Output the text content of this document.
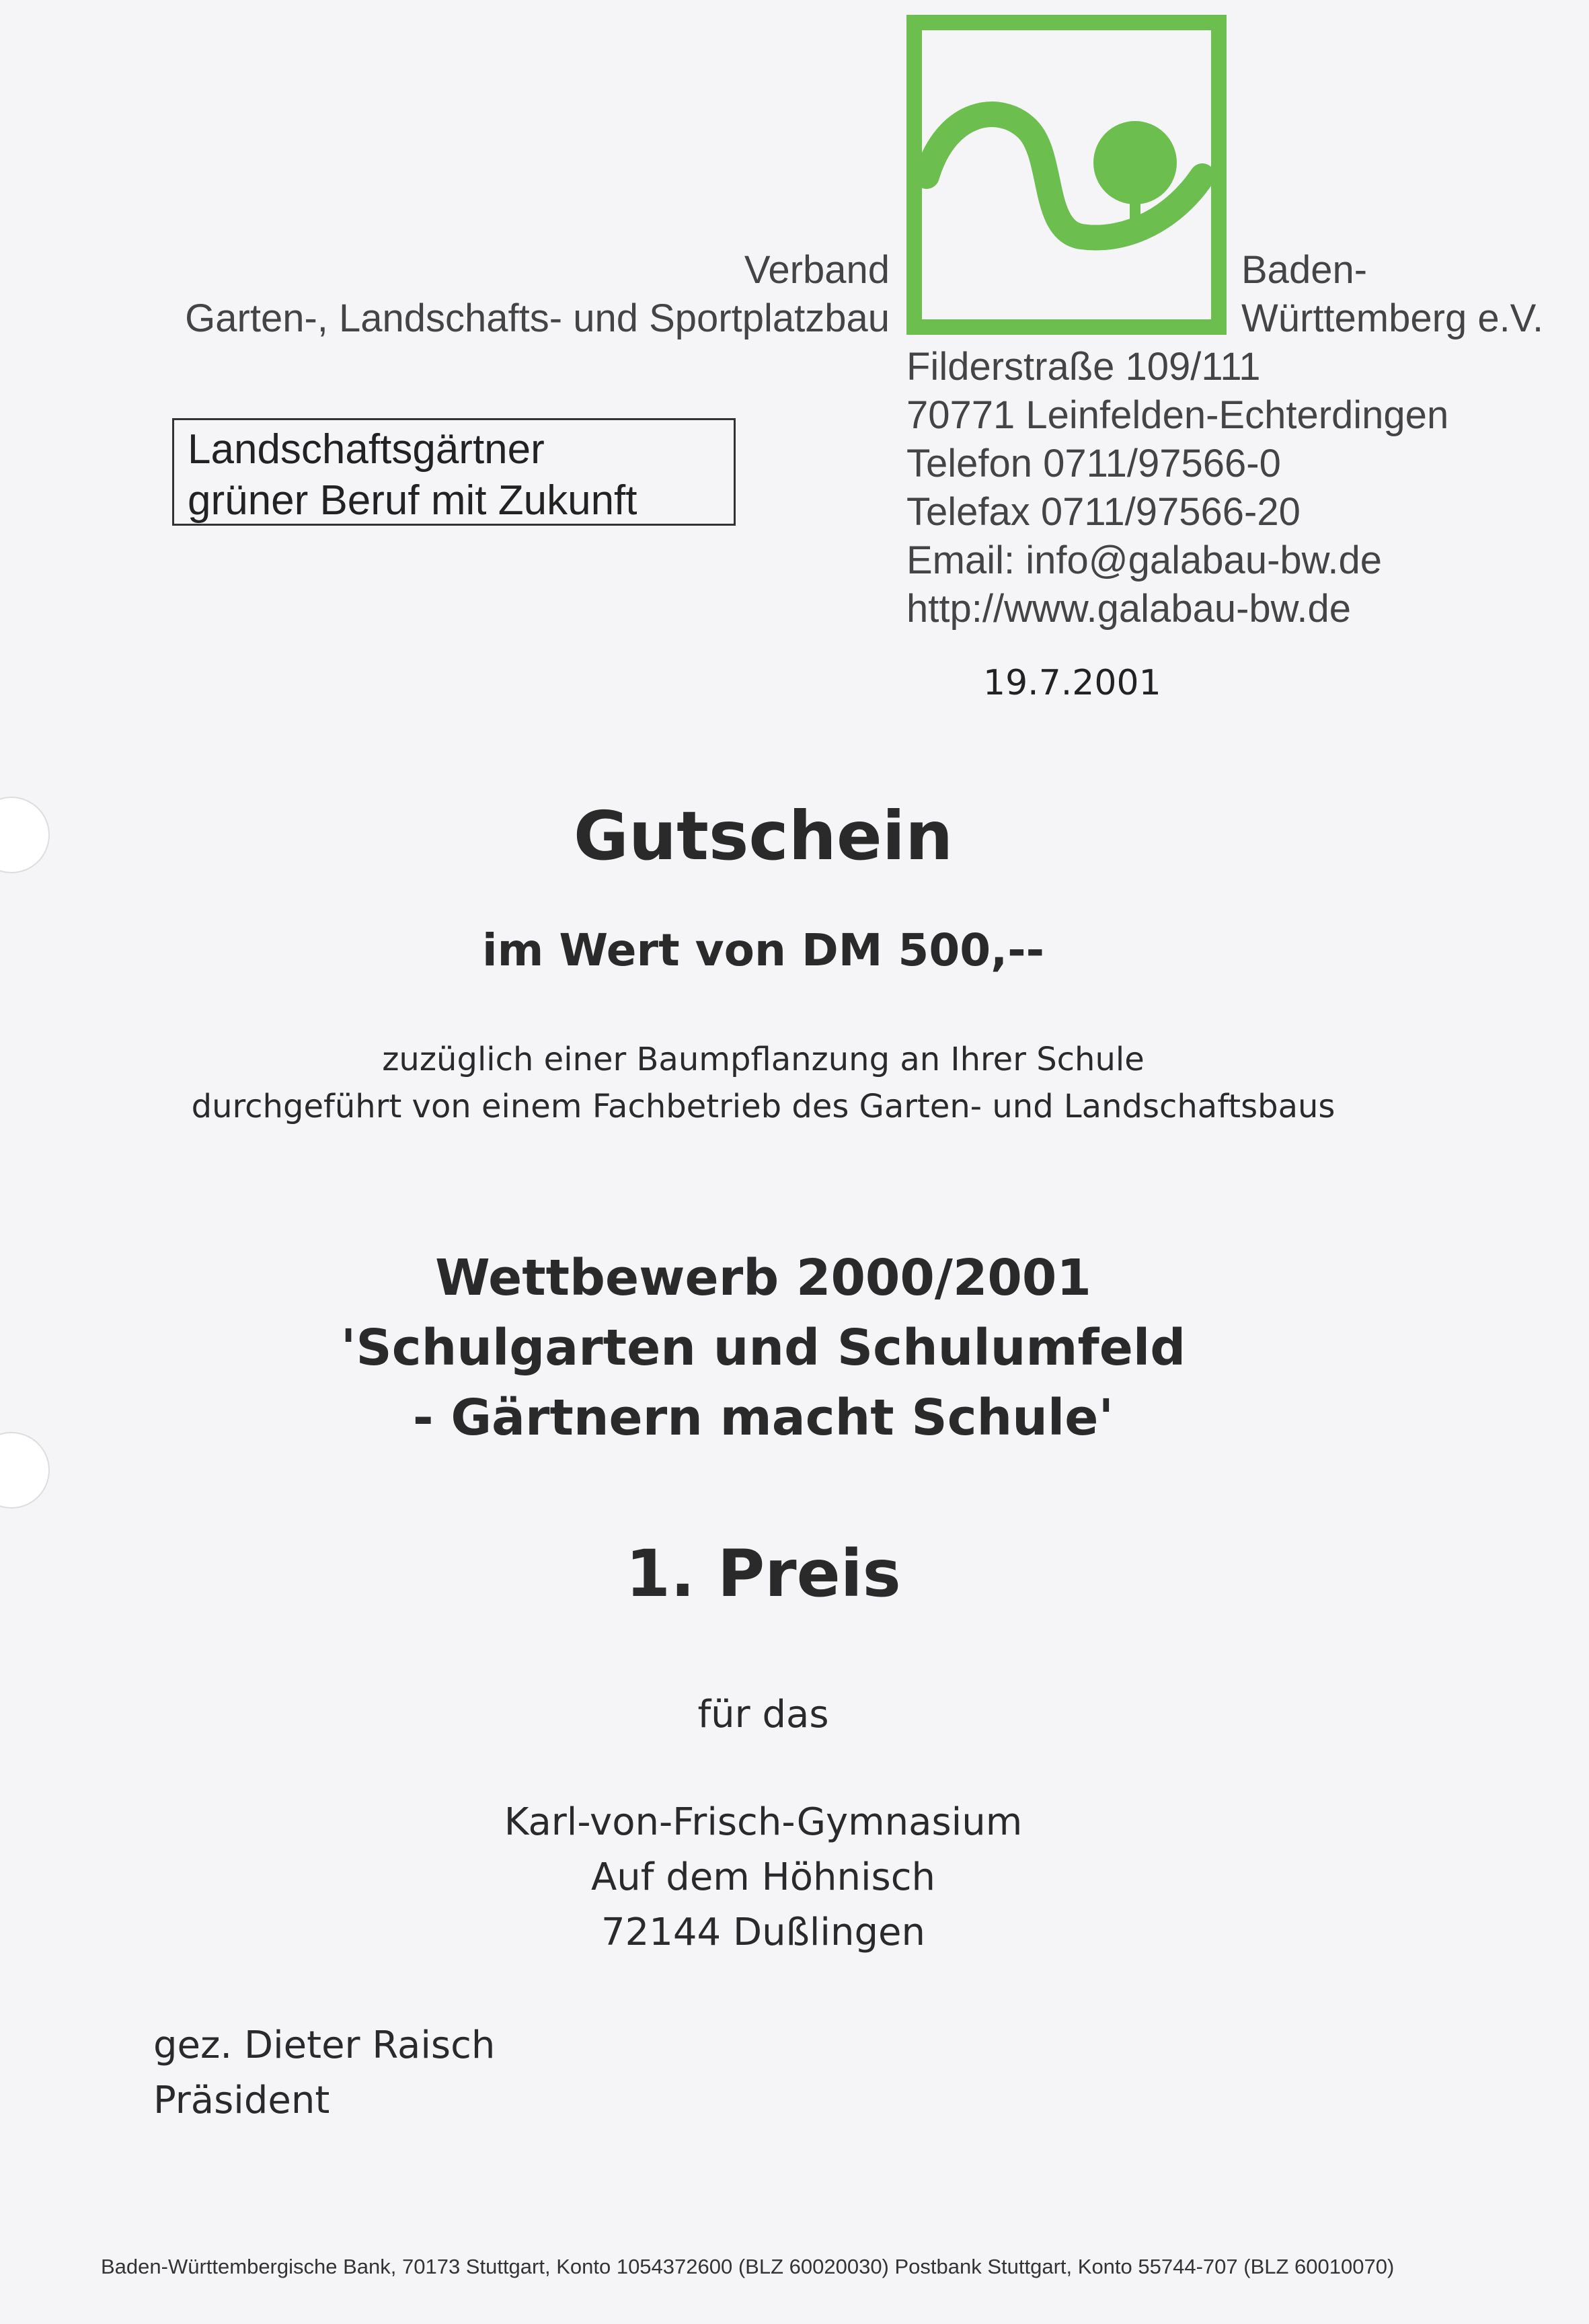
Verband
Garten-, Landschafts- und Sportplatzbau
Baden-
Württemberg e.V.
Filderstraße 109/111
70771 Leinfelden-Echterdingen
Telefon 0711/97566-0
Telefax 0711/97566-20
Email: info@galabau-bw.de
http://www.galabau-bw.de
Landschaftsgärtner
grüner Beruf mit Zukunft
19.7.2001
Gutschein
im Wert von DM 500,--
zuzüglich einer Baumpflanzung an Ihrer Schule
durchgeführt von einem Fachbetrieb des Garten- und Landschaftsbaus
Wettbewerb 2000/2001
'Schulgarten und Schulumfeld
- Gärtnern macht Schule'
1. Preis
für das
Karl-von-Frisch-Gymnasium
Auf dem Höhnisch
72144 Dußlingen
gez. Dieter Raisch
Präsident
Baden-Württembergische Bank, 70173 Stuttgart, Konto 1054372600 (BLZ 60020030) Postbank Stuttgart, Konto 55744-707 (BLZ 60010070)
